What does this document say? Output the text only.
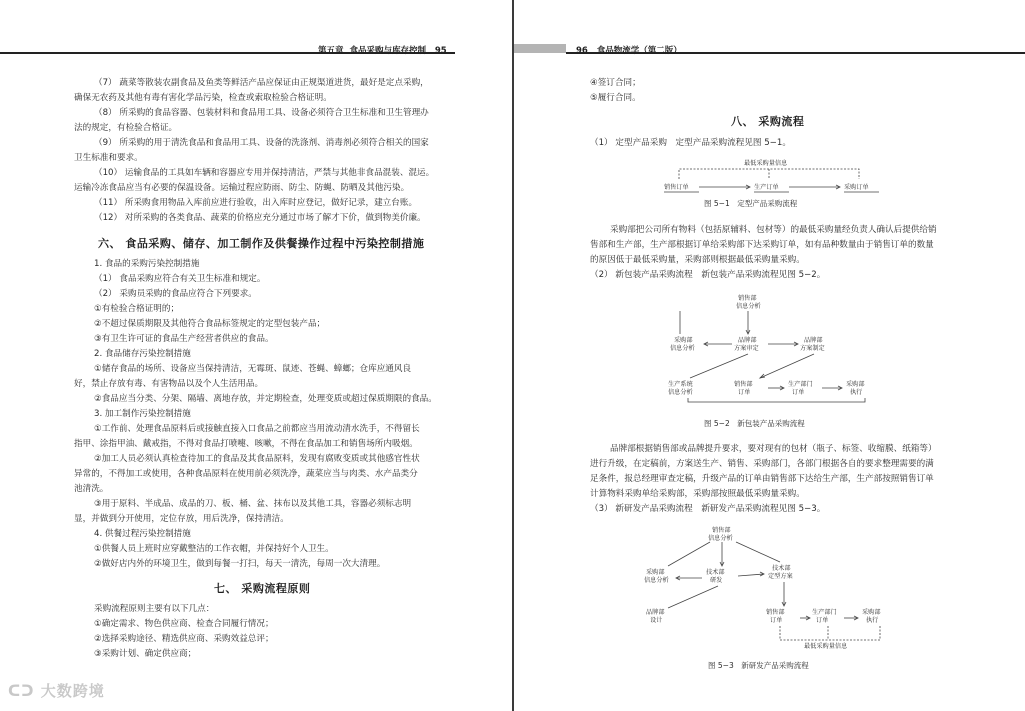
第五章 食品采购与库存控制 95
（7） 蔬菜等散装农副食品及鱼类等鲜活产品应保证由正规渠道进货，最好是定点采购，
确保无农药及其他有毒有害化学品污染，检查或索取检验合格证明。
（8） 所采购的食品容器、包装材料和食品用工具、设备必须符合卫生标准和卫生管理办
法的规定，有检验合格证。
（9） 所采购的用于清洗食品和食品用工具、设备的洗涤剂、消毒剂必须符合相关的国家
卫生标准和要求。
（10） 运输食品的工具如车辆和容器应专用并保持清洁，严禁与其他非食品混装、混运。
运输冷冻食品应当有必要的保温设备。运输过程应防雨、防尘、防蝇、防晒及其他污染。
（11） 所采购食用物品入库前应进行验收，出入库时应登记，做好记录，建立台账。
（12） 对所采购的各类食品、蔬菜的价格应充分通过市场了解才下价，做到物美价廉。
六、 食品采购、储存、加工制作及供餐操作过程中污染控制措施
1. 食品的采购污染控制措施
（1） 食品采购应符合有关卫生标准和规定。
（2） 采购员采购的食品应符合下列要求。
①有检验合格证明的；
②不超过保质期限及其他符合食品标签规定的定型包装产品；
③有卫生许可证的食品生产经营者供应的食品。
2. 食品储存污染控制措施
①储存食品的场所、设备应当保持清洁，无霉斑、鼠迹、苍蝇、蟑螂；仓库应通风良
好，禁止存放有毒、有害物品以及个人生活用品。
②食品应当分类、分架、隔墙、离地存放，并定期检查，处理变质或超过保质期限的食品。
3. 加工制作污染控制措施
①工作前、处理食品原料后或接触直接入口食品之前都应当用流动清水洗手，不得留长
指甲、涂指甲油、戴戒指，不得对食品打喷嚏、咳嗽，不得在食品加工和销售场所内吸烟。
②加工人员必须认真检查待加工的食品及其食品原料，发现有腐败变质或其他感官性状
异常的，不得加工或使用，各种食品原料在使用前必须洗净，蔬菜应当与肉类、水产品类分
池清洗。
③用于原料、半成品、成品的刀、板、桶、盆、抹布以及其他工具，容器必须标志明
显，并做到分开使用，定位存放，用后洗净，保持清洁。
4. 供餐过程污染控制措施
①供餐人员上班时应穿戴整洁的工作衣帽，并保持好个人卫生。
②做好店内外的环境卫生，做到每餐一打扫，每天一清洗，每周一次大清理。
七、 采购流程原则
采购流程原则主要有以下几点：
①确定需求、物色供应商、检查合同履行情况；
②选择采购途径、精选供应商、采购效益总评；
③采购计划、确定供应商；
96 食品物流学（第二版）
④签订合同；
⑤履行合同。
八、 采购流程
（1） 定型产品采购　定型产品采购流程见图 5−1。
最低采购量信息
销售订单	生产订单	采购订单
图 5−1　定型产品采购流程
采购部把公司所有物料（包括原辅料、包材等）的最低采购量经负责人确认后提供给销
售部和生产部，生产部根据订单给采购部下达采购订单，如有品种数量由于销售订单的数量
的原因低于最低采购量，采购部则根据最低采购量采购。
（2） 新包装产品采购流程　新包装产品采购流程见图 5−2。
销售部
信息分析
采购部
信息分析
品牌部
方案审定
品牌部
方案制定
生产系统
信息分析
销售部
订单
生产部门
订单
采购部
执行
图 5−2　新包装产品采购流程
品牌部根据销售部或品牌提升要求，要对现有的包材（瓶子、标签、收缩膜、纸箱等）
进行升级，在定稿前，方案送生产、销售、采购部门，各部门根据各自的要求整理需要的满
足条件，报总经理审查定稿，升级产品的订单由销售部下达给生产部，生产部按照销售订单
计算物料采购单给采购部，采购部按照最低采购量采购。
（3） 新研发产品采购流程　新研发产品采购流程见图 5−3。
销售部
信息分析
采购部
信息分析
技术部
研发
技术部
定型方案
品牌部
设计
销售部
订单
生产部门
订单
采购部
执行
最低采购量信息
图 5−3　新研发产品采购流程
ᑕᑐ 大数跨境
